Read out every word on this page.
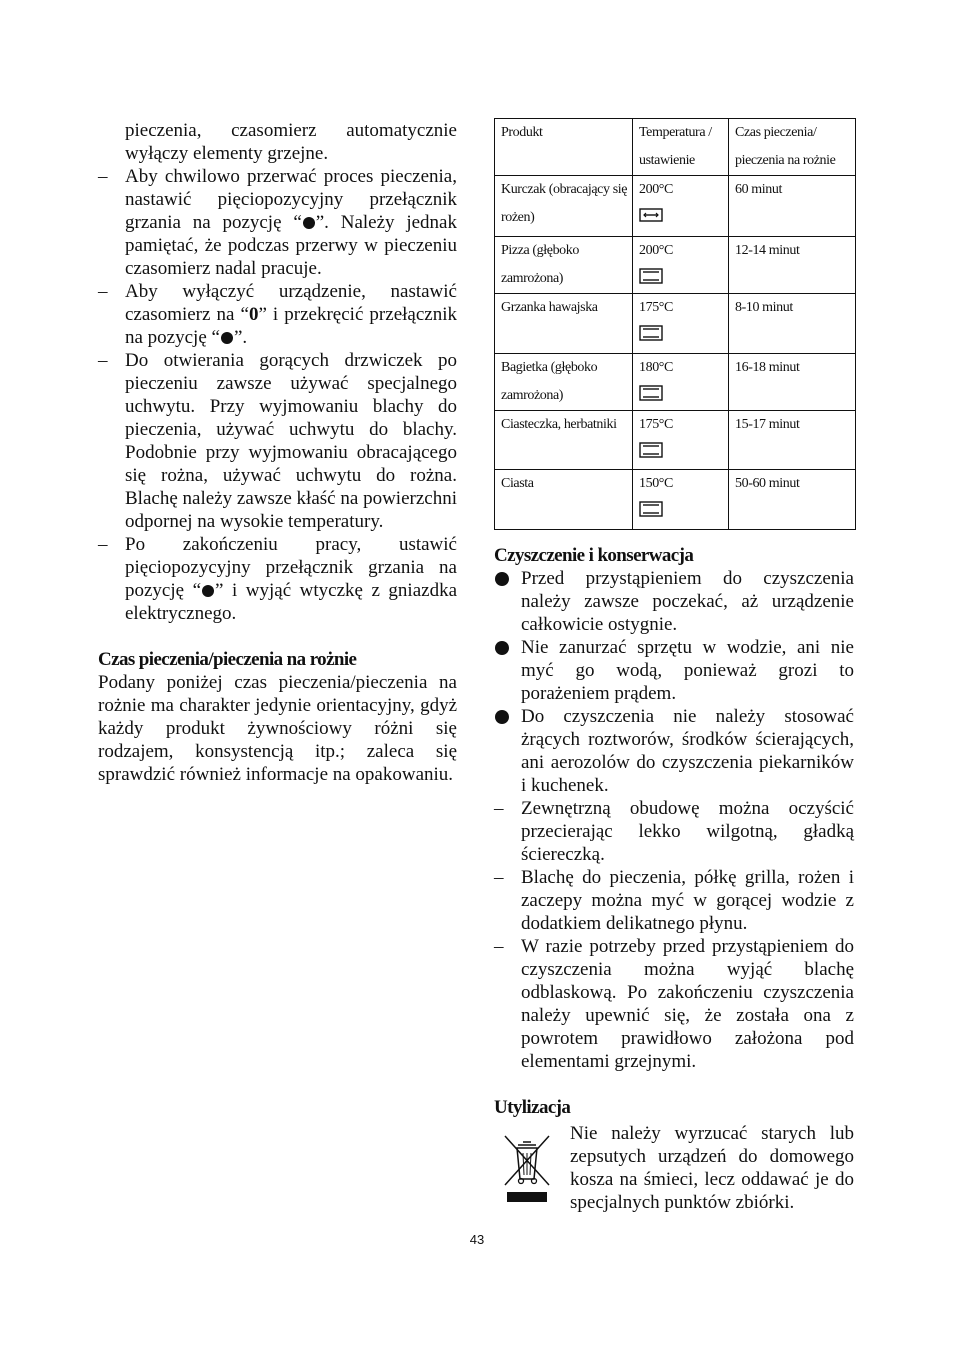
pieczenia, czasomierz automatycznie wyłączy elementy grzejne.

– Aby chwilowo przerwać proces pieczenia, nastawić pięciopozycyjny przełącznik grzania na pozycję “ ”. Należy jednak pamiętać, że podczas przerwy w pieczeniu czasomierz nadal pracuje.
– Aby wyłączyć urządzenie, nastawić czasomierz na “0” i przekręcić przełącznik na pozycję “ ”.
– Do otwierania gorących drzwiczek po pieczeniu zawsze używać specjalnego uchwytu. Przy wyjmowaniu blachy do pieczenia, używać uchwytu do blachy. Podobnie przy wyjmowaniu obracającego się rożna, używać uchwytu do rożna. Blachę należy zawsze kłaść na powierzchni odpornej na wysokie temperatury.
– Po zakończeniu pracy, ustawić pięciopozycyjny przełącznik grzania na pozycję “ ” i wyjąć wtyczkę z gniazdka elektrycznego.

Czas pieczenia/pieczenia na rożnie

Podany poniżej czas pieczenia/pieczenia na rożnie ma charakter jedynie orientacyjny, gdyż każdy produkt żywnościowy różni się rodzajem, konsystencją itp.; zaleca się sprawdzić również informacje na opakowaniu.

Produkt	Temperatura / ustawienie	Czas pieczenia/ pieczenia na rożnie
Kurczak (obracający się rożen)	200°C	60 minut
Pizza (głęboko zamrożona)	200°C	12-14 minut
Grzanka hawajska	175°C	8-10 minut
Bagietka (głęboko zamrożona)	180°C	16-18 minut
Ciasteczka, herbatniki	175°C	15-17 minut
Ciasta	150°C	50-60 minut

Czyszczenie i konserwacja

Przed przystąpieniem do czyszczenia należy zawsze poczekać, aż urządzenie całkowicie ostygnie.
Nie zanurzać sprzętu w wodzie, ani nie myć go wodą, ponieważ grozi to porażeniem prądem.
Do czyszczenia nie należy stosować żrących roztworów, środków ścierających, ani aerozolów do czyszczenia piekarników i kuchenek.
– Zewnętrzną obudowę można oczyścić przecierając lekko wilgotną, gładką ściereczką.
– Blachę do pieczenia, półkę grilla, rożen i zaczepy można myć w gorącej wodzie z dodatkiem delikatnego płynu.
– W razie potrzeby przed przystąpieniem do czyszczenia można wyjąć blachę odblaskową. Po zakończeniu czyszczenia należy upewnić się, że została ona z powrotem prawidłowo założona pod elementami grzejnymi.

Utylizacja

Nie należy wyrzucać starych lub zepsutych urządzeń do domowego kosza na śmieci, lecz oddawać je do specjalnych punktów zbiórki.

43
